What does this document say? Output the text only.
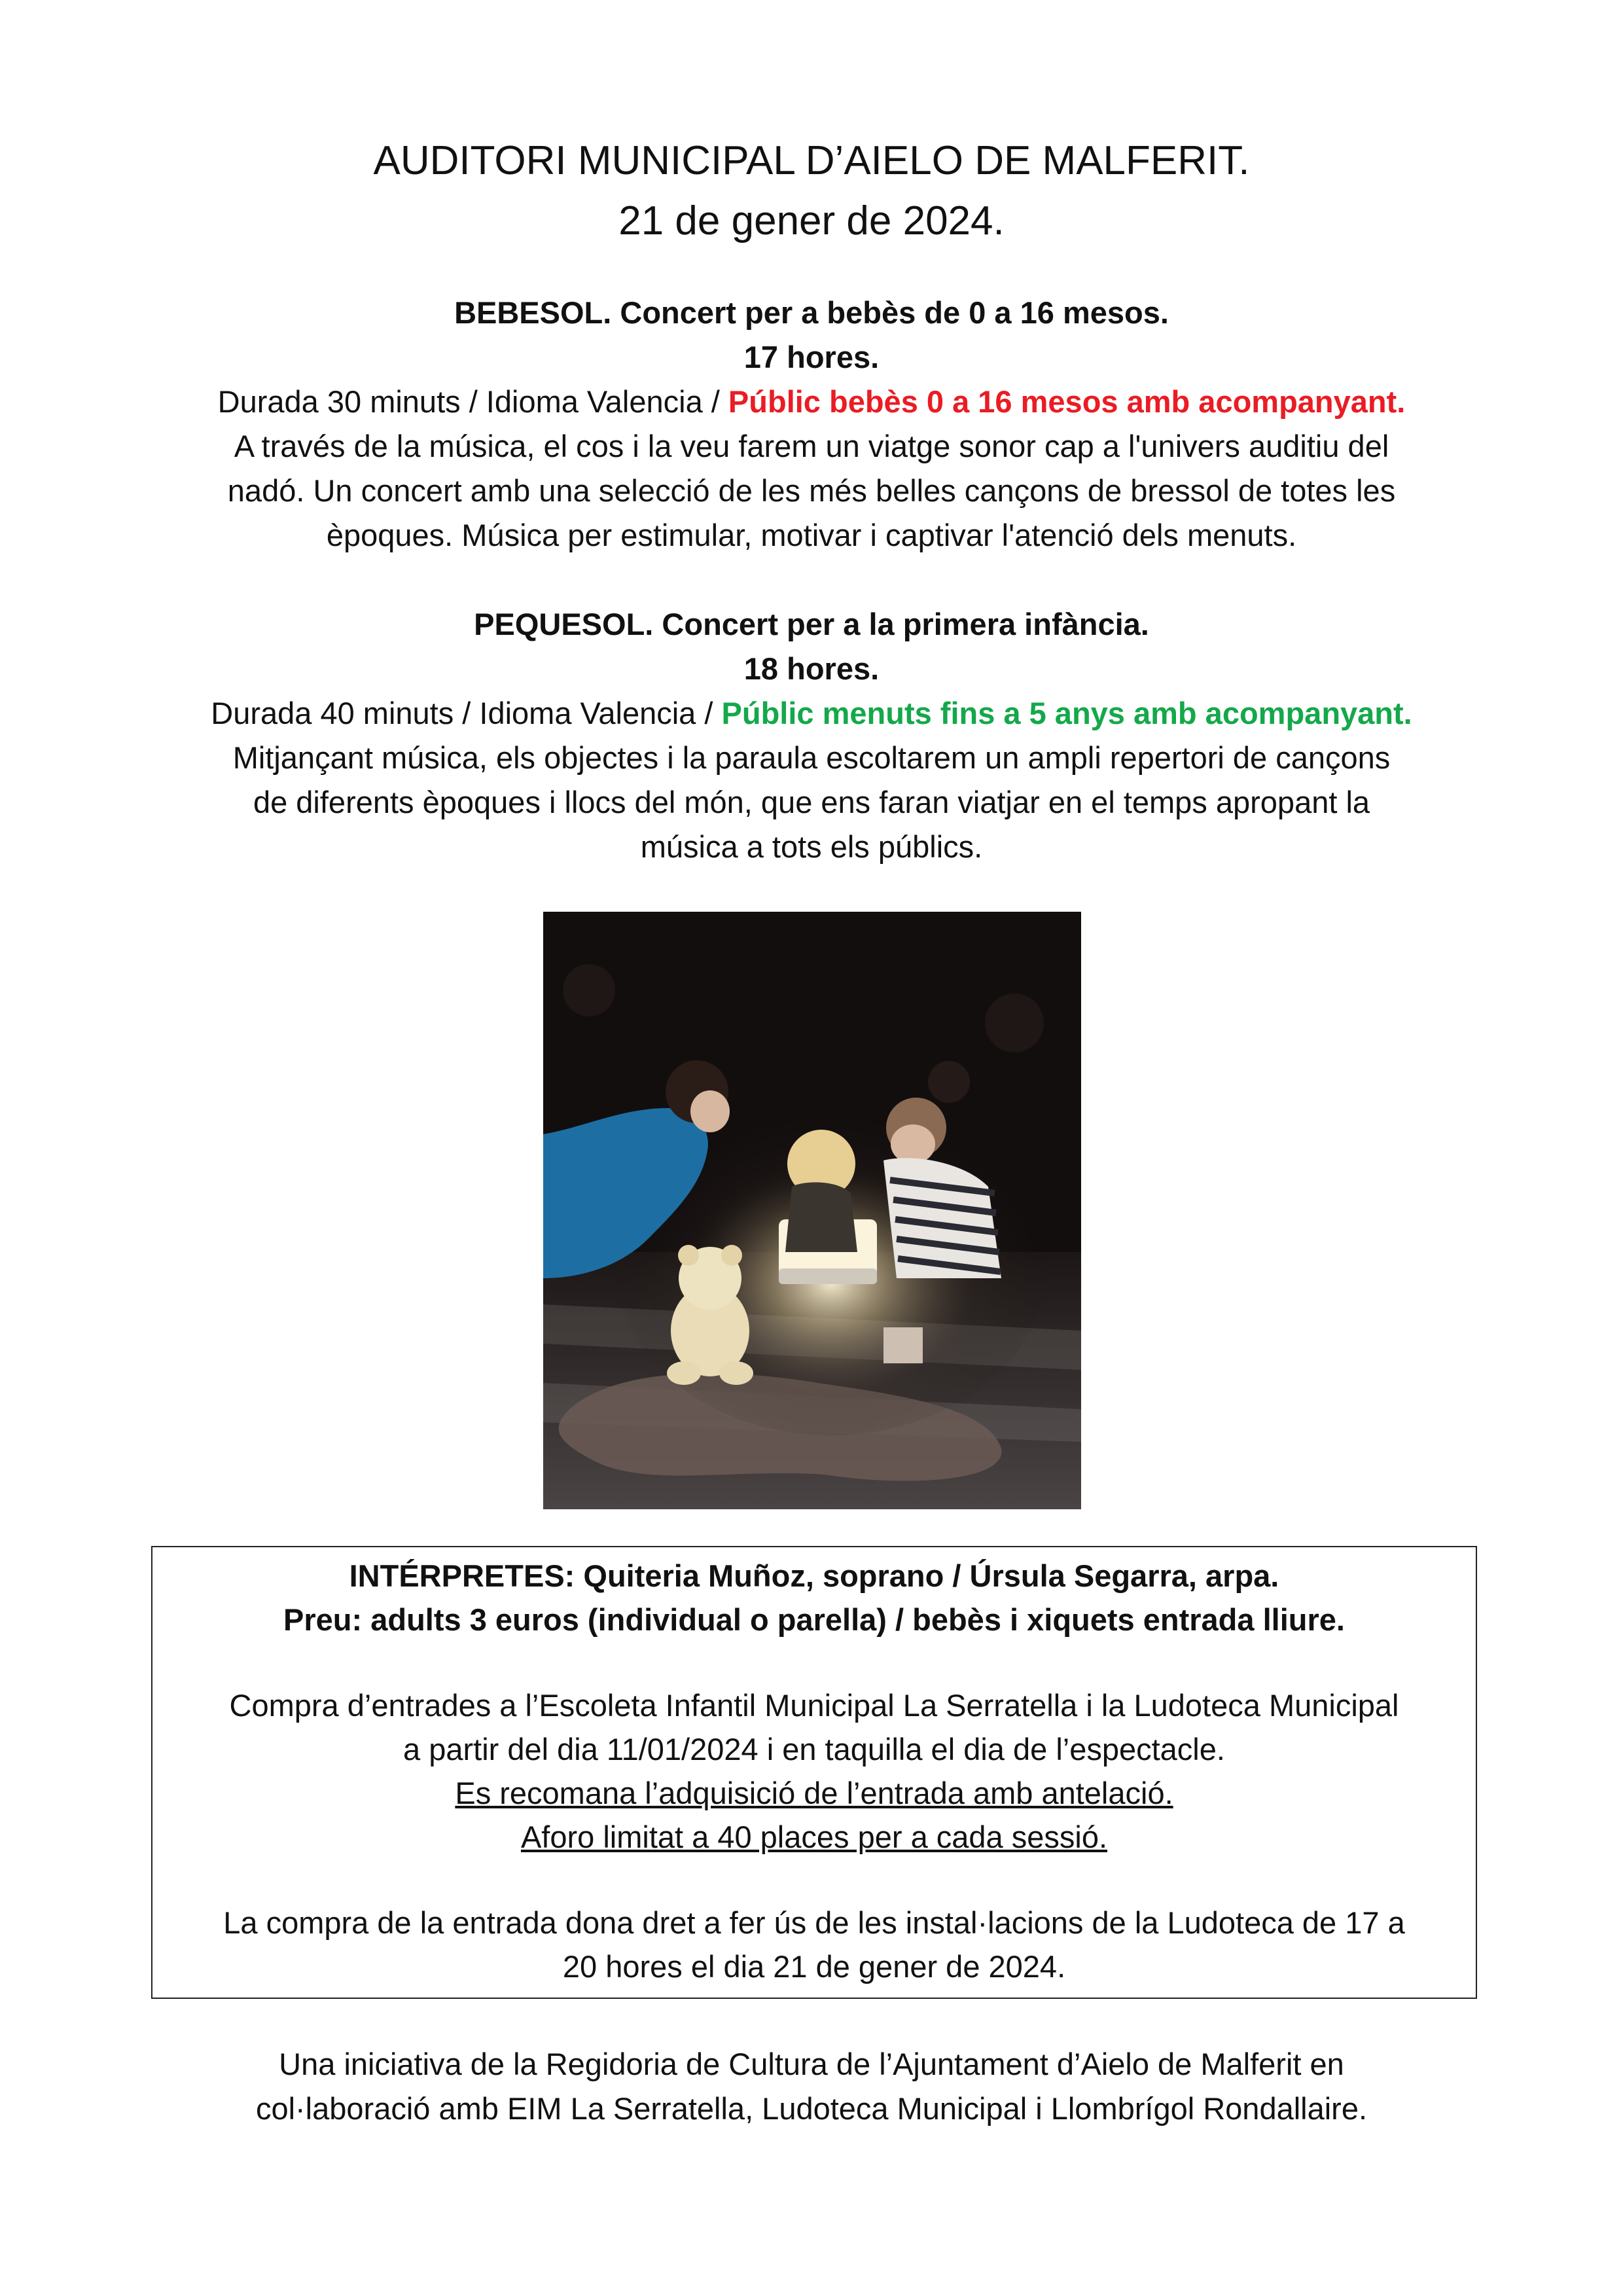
AUDITORI MUNICIPAL D’AIELO DE MALFERIT.
21 de gener de 2024.
BEBESOL. Concert per a bebès de 0 a 16 mesos.
17 hores.
Durada 30 minuts / Idioma Valencia / Públic bebès 0 a 16 mesos amb acompanyant.
A través de la música, el cos i la veu farem un viatge sonor cap a l'univers auditiu del
nadó. Un concert amb una selecció de les més belles cançons de bressol de totes les
èpoques. Música per estimular, motivar i captivar l'atenció dels menuts.
PEQUESOL. Concert per a la primera infància.
18 hores.
Durada 40 minuts / Idioma Valencia / Públic menuts fins a 5 anys amb acompanyant.
Mitjançant música, els objectes i la paraula escoltarem un ampli repertori de cançons
de diferents èpoques i llocs del món, que ens faran viatjar en el temps apropant la
música a tots els públics.
INTÉRPRETES: Quiteria Muñoz, soprano / Úrsula Segarra, arpa.
Preu: adults 3 euros (individual o parella) / bebès i xiquets entrada lliure.
Compra d’entrades a l’Escoleta Infantil Municipal La Serratella i la Ludoteca Municipal
a partir del dia 11/01/2024 i en taquilla el dia de l’espectacle.
Es recomana l’adquisició de l’entrada amb antelació.
Aforo limitat a 40 places per a cada sessió.
La compra de la entrada dona dret a fer ús de les instal·lacions de la Ludoteca de 17 a
20 hores el dia 21 de gener de 2024.
Una iniciativa de la Regidoria de Cultura de l’Ajuntament d’Aielo de Malferit en
col·laboració amb EIM La Serratella, Ludoteca Municipal i Llombrígol Rondallaire.
